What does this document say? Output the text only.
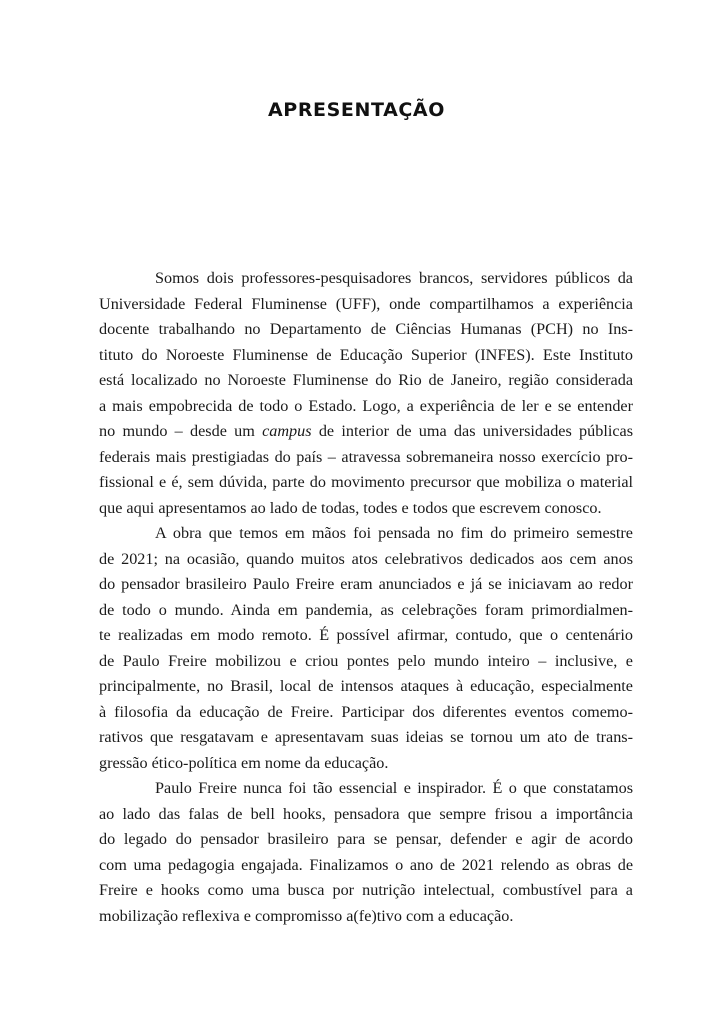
APRESENTAÇÃO
Somos dois professores-pesquisadores brancos, servidores públicos da
Universidade Federal Fluminense (UFF), onde compartilhamos a experiência
docente trabalhando no Departamento de Ciências Humanas (PCH) no Ins-
tituto do Noroeste Fluminense de Educação Superior (INFES). Este Instituto
está localizado no Noroeste Fluminense do Rio de Janeiro, região considerada
a mais empobrecida de todo o Estado. Logo, a experiência de ler e se entender
no mundo – desde um campus de interior de uma das universidades públicas
federais mais prestigiadas do país – atravessa sobremaneira nosso exercício pro-
fissional e é, sem dúvida, parte do movimento precursor que mobiliza o material
que aqui apresentamos ao lado de todas, todes e todos que escrevem conosco.
A obra que temos em mãos foi pensada no fim do primeiro semestre
de 2021; na ocasião, quando muitos atos celebrativos dedicados aos cem anos
do pensador brasileiro Paulo Freire eram anunciados e já se iniciavam ao redor
de todo o mundo. Ainda em pandemia, as celebrações foram primordialmen-
te realizadas em modo remoto. É possível afirmar, contudo, que o centenário
de Paulo Freire mobilizou e criou pontes pelo mundo inteiro – inclusive, e
principalmente, no Brasil, local de intensos ataques à educação, especialmente
à filosofia da educação de Freire. Participar dos diferentes eventos comemo-
rativos que resgatavam e apresentavam suas ideias se tornou um ato de trans-
gressão ético-política em nome da educação.
Paulo Freire nunca foi tão essencial e inspirador. É o que constatamos
ao lado das falas de bell hooks, pensadora que sempre frisou a importância
do legado do pensador brasileiro para se pensar, defender e agir de acordo
com uma pedagogia engajada. Finalizamos o ano de 2021 relendo as obras de
Freire e hooks como uma busca por nutrição intelectual, combustível para a
mobilização reflexiva e compromisso a(fe)tivo com a educação.
